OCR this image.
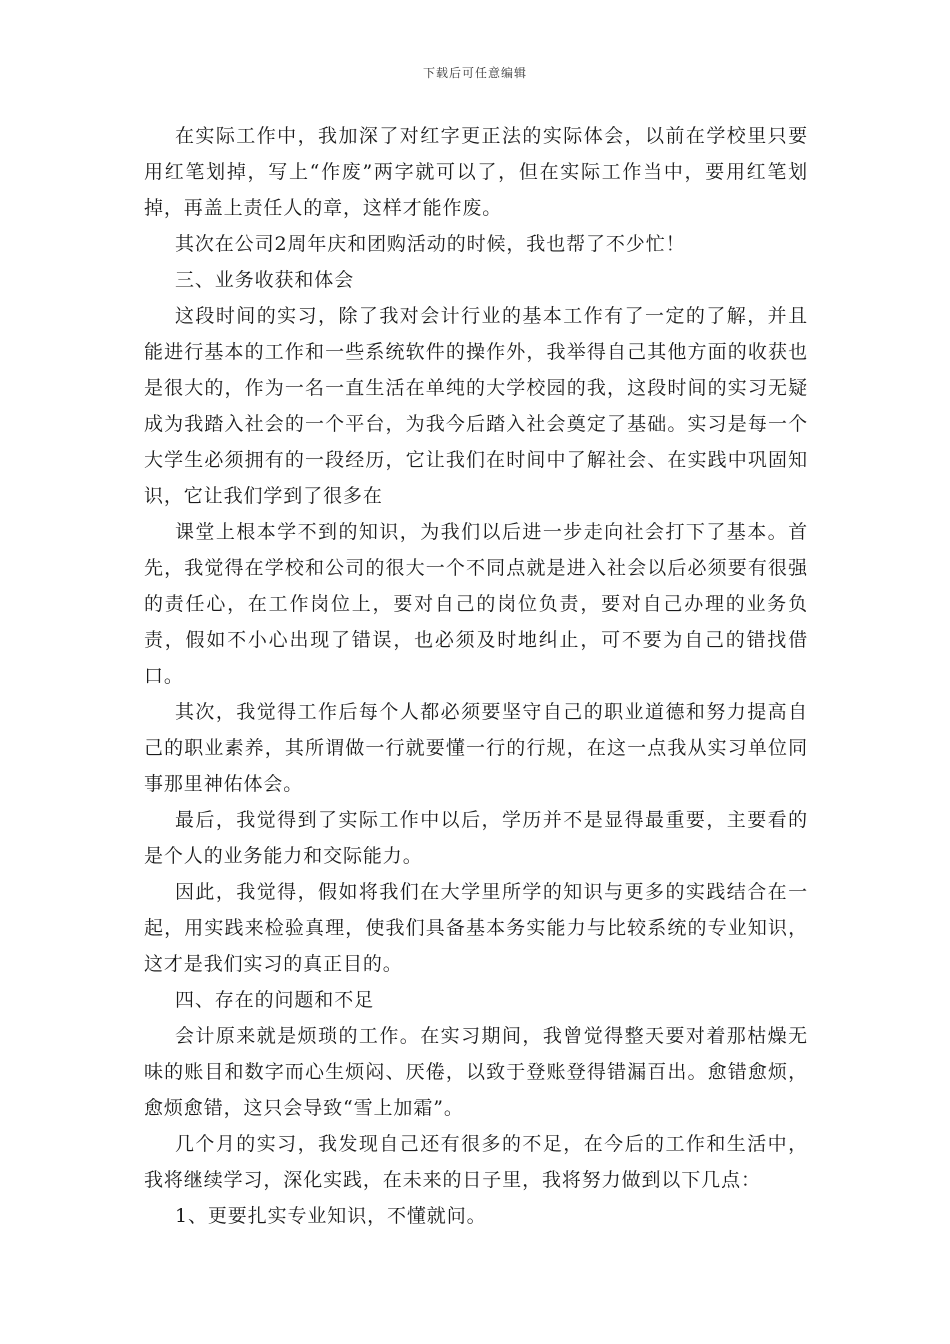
下载后可任意编辑

在实际工作中，我加深了对红字更正法的实际体会，以前在学校里只要用红笔划掉，写上“作废”两字就可以了，但在实际工作当中，要用红笔划掉，再盖上责任人的章，这样才能作废。

其次在公司2周年庆和团购活动的时候，我也帮了不少忙！

三、业务收获和体会

这段时间的实习，除了我对会计行业的基本工作有了一定的了解，并且能进行基本的工作和一些系统软件的操作外，我举得自己其他方面的收获也是很大的，作为一名一直生活在单纯的大学校园的我，这段时间的实习无疑成为我踏入社会的一个平台，为我今后踏入社会奠定了基础。实习是每一个大学生必须拥有的一段经历，它让我们在时间中了解社会、在实践中巩固知识，它让我们学到了很多在

课堂上根本学不到的知识，为我们以后进一步走向社会打下了基本。首先，我觉得在学校和公司的很大一个不同点就是进入社会以后必须要有很强的责任心，在工作岗位上，要对自己的岗位负责，要对自己办理的业务负责，假如不小心出现了错误，也必须及时地纠止，可不要为自己的错找借口。

其次，我觉得工作后每个人都必须要坚守自己的职业道德和努力提高自己的职业素养，其所谓做一行就要懂一行的行规，在这一点我从实习单位同事那里神佑体会。

最后，我觉得到了实际工作中以后，学历并不是显得最重要，主要看的是个人的业务能力和交际能力。

因此，我觉得，假如将我们在大学里所学的知识与更多的实践结合在一起，用实践来检验真理，使我们具备基本务实能力与比较系统的专业知识，这才是我们实习的真正目的。

四、存在的问题和不足

会计原来就是烦琐的工作。在实习期间，我曾觉得整天要对着那枯燥无味的账目和数字而心生烦闷、厌倦，以致于登账登得错漏百出。愈错愈烦，愈烦愈错，这只会导致“雪上加霜”。

几个月的实习，我发现自己还有很多的不足，在今后的工作和生活中，我将继续学习，深化实践，在未来的日子里，我将努力做到以下几点：

1、更要扎实专业知识，不懂就问。
